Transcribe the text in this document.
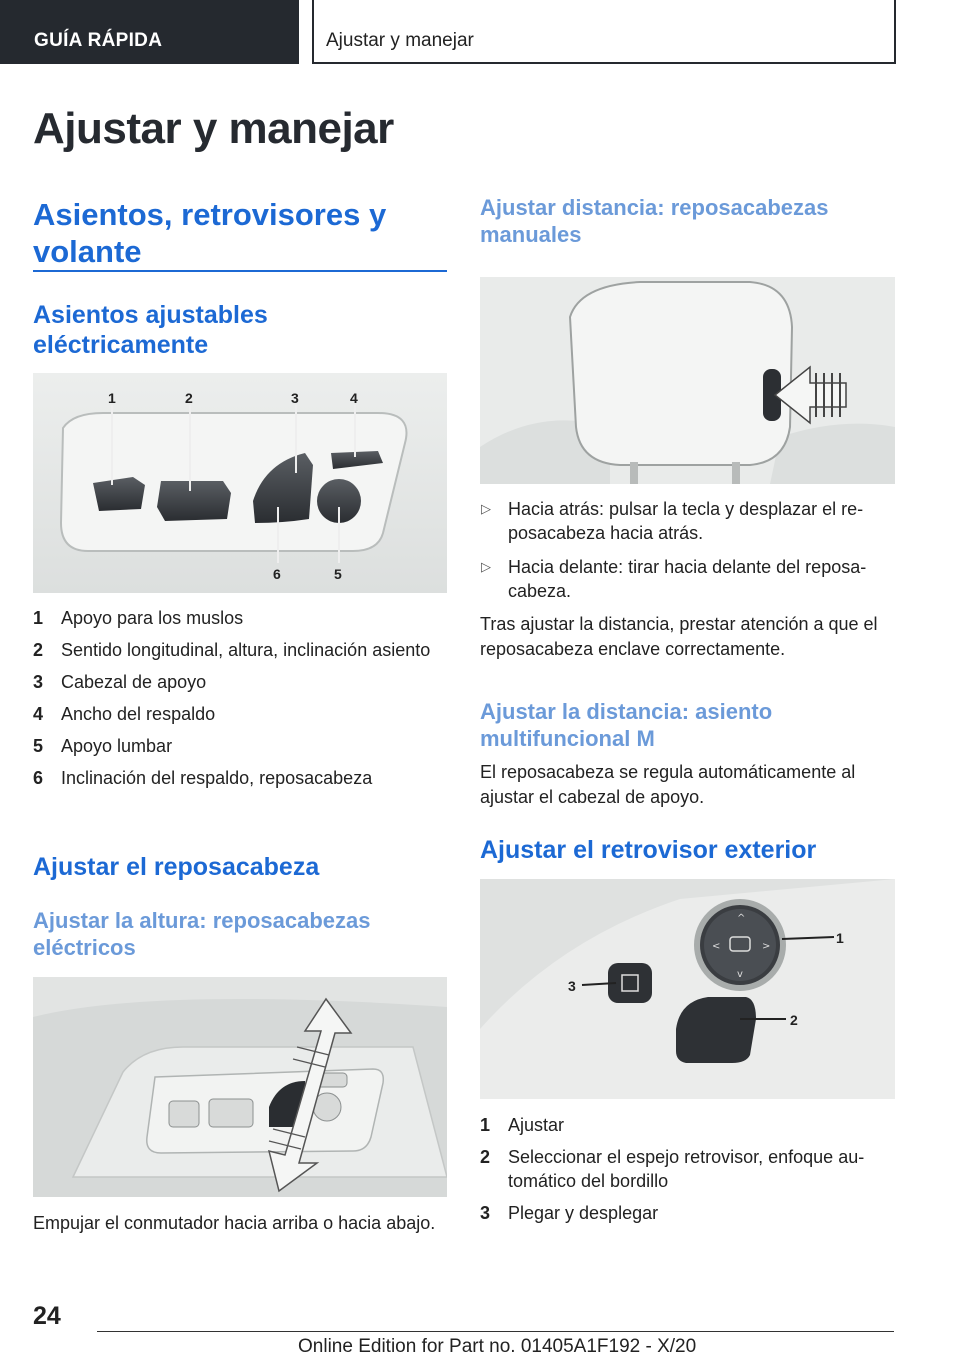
GUÍA RÁPIDA	Ajustar y manejar
Ajustar y manejar
Asientos, retrovisores y volante
Asientos ajustables eléctricamente
1	2	3	4
6	5
1 Apoyo para los muslos
2 Sentido longitudinal, altura, inclinación asiento
3 Cabezal de apoyo
4 Ancho del respaldo
5 Apoyo lumbar
6 Inclinación del respaldo, reposacabeza
Ajustar el reposacabeza
Ajustar la altura: reposacabezas eléctricos

Empujar el conmutador hacia arriba o hacia abajo.

Ajustar distancia: reposacabezas manuales
▷ Hacia atrás: pulsar la tecla y desplazar el re-posacabeza hacia atrás.
▷ Hacia delante: tirar hacia delante del reposa-cabeza.

Tras ajustar la distancia, prestar atención a que el reposacabeza enclave correctamente.

Ajustar la distancia: asiento multifuncional M

El reposacabeza se regula automáticamente al ajustar el cabezal de apoyo.

Ajustar el retrovisor exterior
^
v
<	>
1
2
3
1 Ajustar
2 Seleccionar el espejo retrovisor, enfoque au-tomático del bordillo
3 Plegar y desplegar
24
Online Edition for Part no. 01405A1F192 - X/20
